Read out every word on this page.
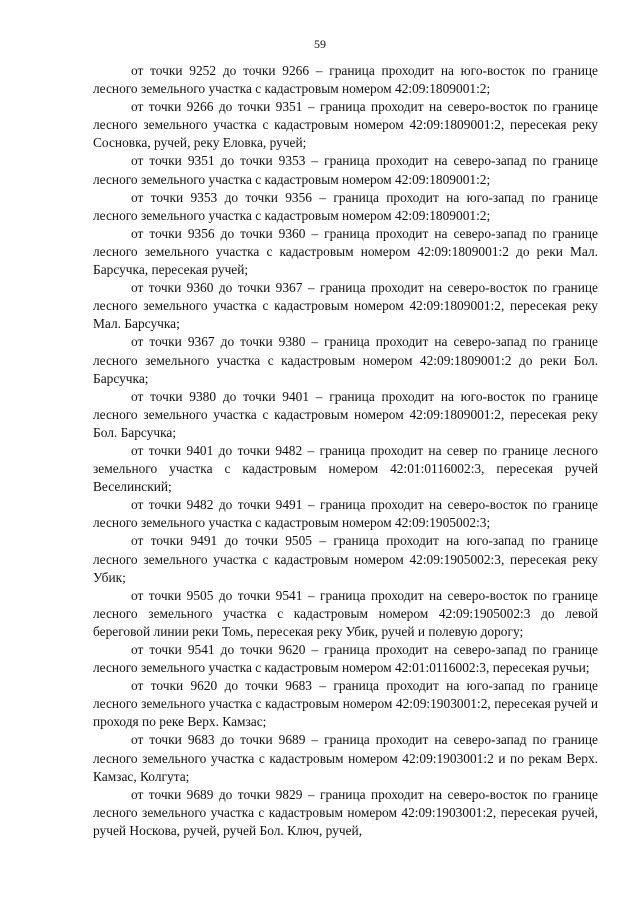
59

от точки 9252 до точки 9266 – граница проходит на юго-восток по границе лесного земельного участка с кадастровым номером 42:09:1809001:2;

от точки 9266 до точки 9351 – граница проходит на северо-восток по границе лесного земельного участка с кадастровым номером 42:09:1809001:2, пересекая реку Сосновка, ручей, реку Еловка, ручей;

от точки 9351 до точки 9353 – граница проходит на северо-запад по границе лесного земельного участка с кадастровым номером 42:09:1809001:2;

от точки 9353 до точки 9356 – граница проходит на юго-запад по границе лесного земельного участка с кадастровым номером 42:09:1809001:2;

от точки 9356 до точки 9360 – граница проходит на северо-запад по границе лесного земельного участка с кадастровым номером 42:09:1809001:2 до реки Мал. Барсучка, пересекая ручей;

от точки 9360 до точки 9367 – граница проходит на северо-восток по границе лесного земельного участка с кадастровым номером 42:09:1809001:2, пересекая реку Мал. Барсучка;

от точки 9367 до точки 9380 – граница проходит на северо-запад по границе лесного земельного участка с кадастровым номером 42:09:1809001:2 до реки Бол. Барсучка;

от точки 9380 до точки 9401 – граница проходит на юго-восток по границе лесного земельного участка с кадастровым номером 42:09:1809001:2, пересекая реку Бол. Барсучка;

от точки 9401 до точки 9482 – граница проходит на север по границе лесного земельного участка с кадастровым номером 42:01:0116002:3, пересекая ручей Веселинский;

от точки 9482 до точки 9491 – граница проходит на северо-восток по границе лесного земельного участка с кадастровым номером 42:09:1905002:3;

от точки 9491 до точки 9505 – граница проходит на юго-запад по границе лесного земельного участка с кадастровым номером 42:09:1905002:3, пересекая реку Убик;

от точки 9505 до точки 9541 – граница проходит на северо-восток по границе лесного земельного участка с кадастровым номером 42:09:1905002:3 до левой береговой линии реки Томь, пересекая реку Убик, ручей и полевую дорогу;

от точки 9541 до точки 9620 – граница проходит на северо-запад по границе лесного земельного участка с кадастровым номером 42:01:0116002:3, пересекая ручьи;

от точки 9620 до точки 9683 – граница проходит на юго-запад по границе лесного земельного участка с кадастровым номером 42:09:1903001:2, пересекая ручей и проходя по реке Верх. Камзас;

от точки 9683 до точки 9689 – граница проходит на северо-запад по границе лесного земельного участка с кадастровым номером 42:09:1903001:2 и по рекам Верх. Камзас, Колгута;

от точки 9689 до точки 9829 – граница проходит на северо-восток по границе лесного земельного участка с кадастровым номером 42:09:1903001:2, пересекая ручей, ручей Носкова, ручей, ручей Бол. Ключ, ручей,
